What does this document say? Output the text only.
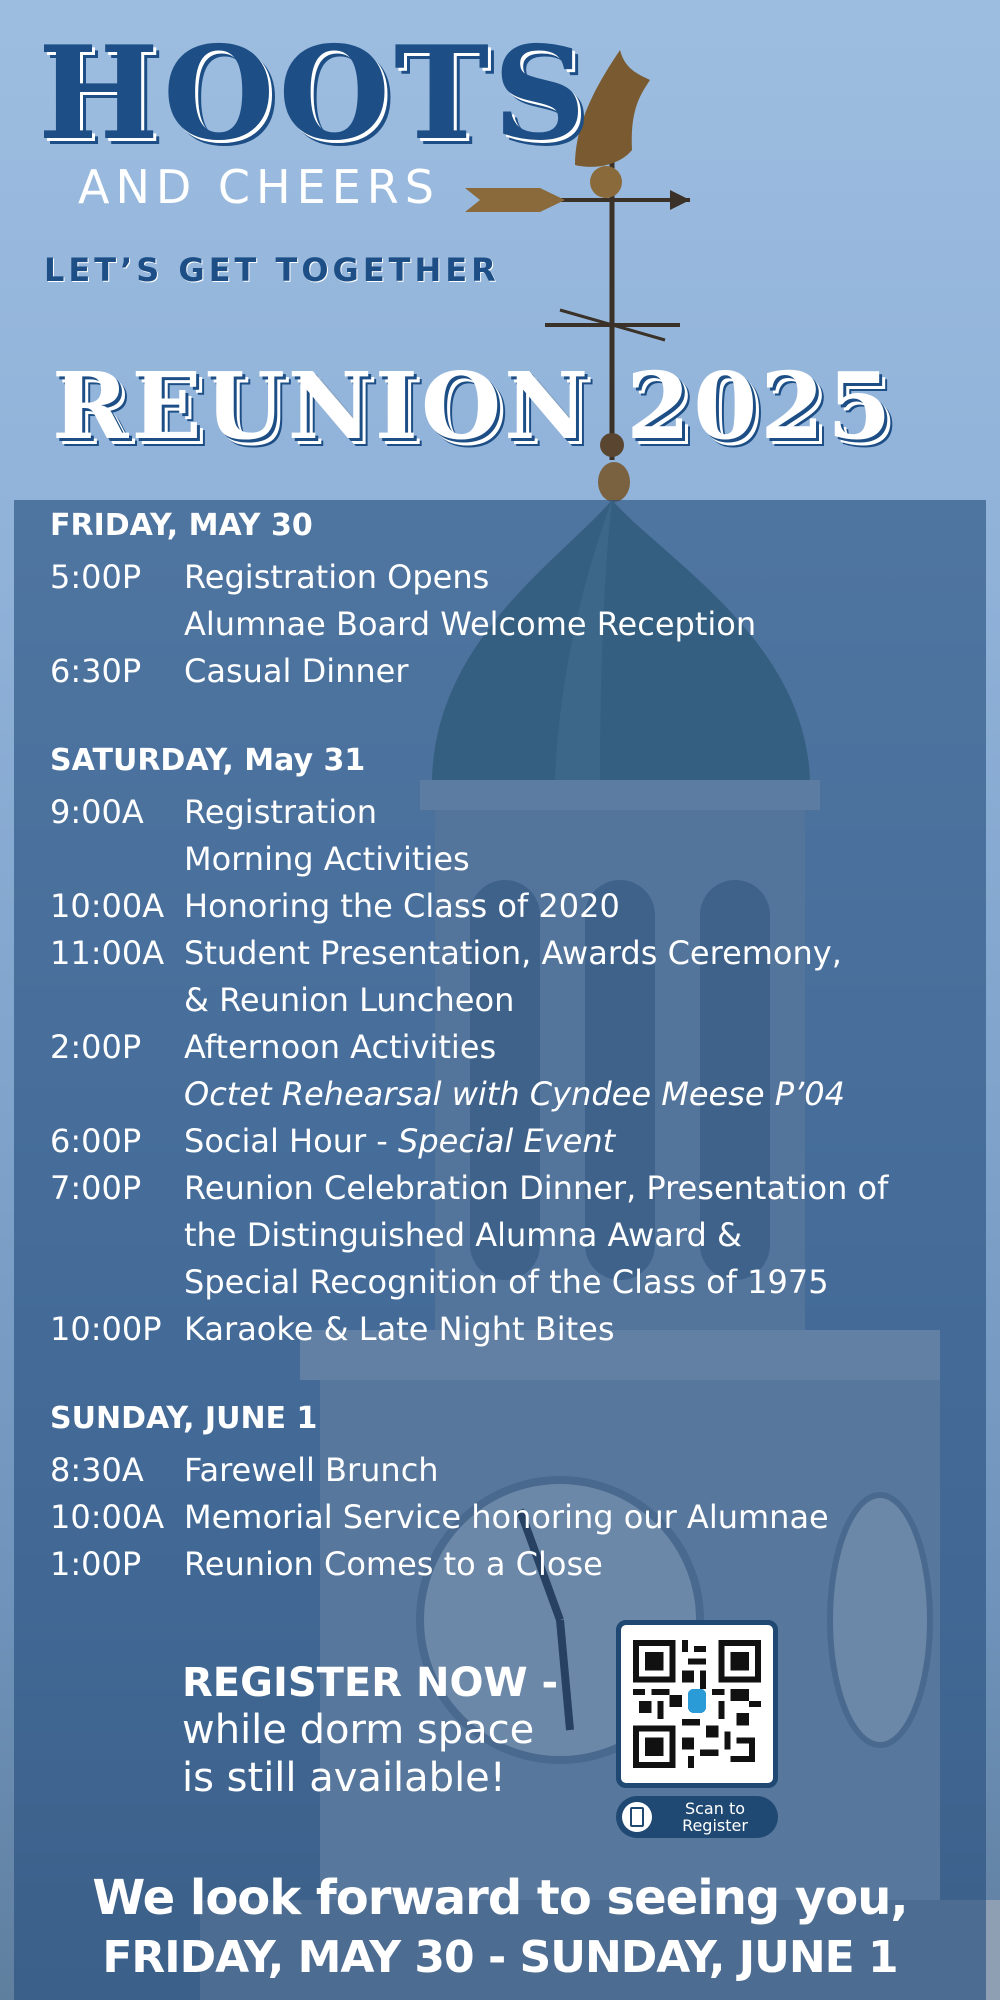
HOOTS

AND CHEERS

LET’S GET TOGETHER

REUNION 2025

FRIDAY, MAY 30

5:00P	Registration Opens
Alumnae Board Welcome Reception
6:30P	Casual Dinner

SATURDAY, May 31

9:00A	Registration
Morning Activities
10:00A Honoring the Class of 2020
11:00A Student Presentation, Awards Ceremony,
& Reunion Luncheon
2:00P	Afternoon Activities
Octet Rehearsal with Cyndee Meese P’04
6:00P	Social Hour - Special Event
7:00P	Reunion Celebration Dinner, Presentation of
the Distinguished Alumna Award &
Special Recognition of the Class of 1975
10:00P Karaoke & Late Night Bites

SUNDAY, JUNE 1

8:30A	Farewell Brunch
10:00A Memorial Service honoring our Alumnae
1:00P	Reunion Comes to a Close

REGISTER NOW -

while dorm space

is still available!

Scan to
Register

We look forward to seeing you,

FRIDAY, MAY 30 - SUNDAY, JUNE 1
